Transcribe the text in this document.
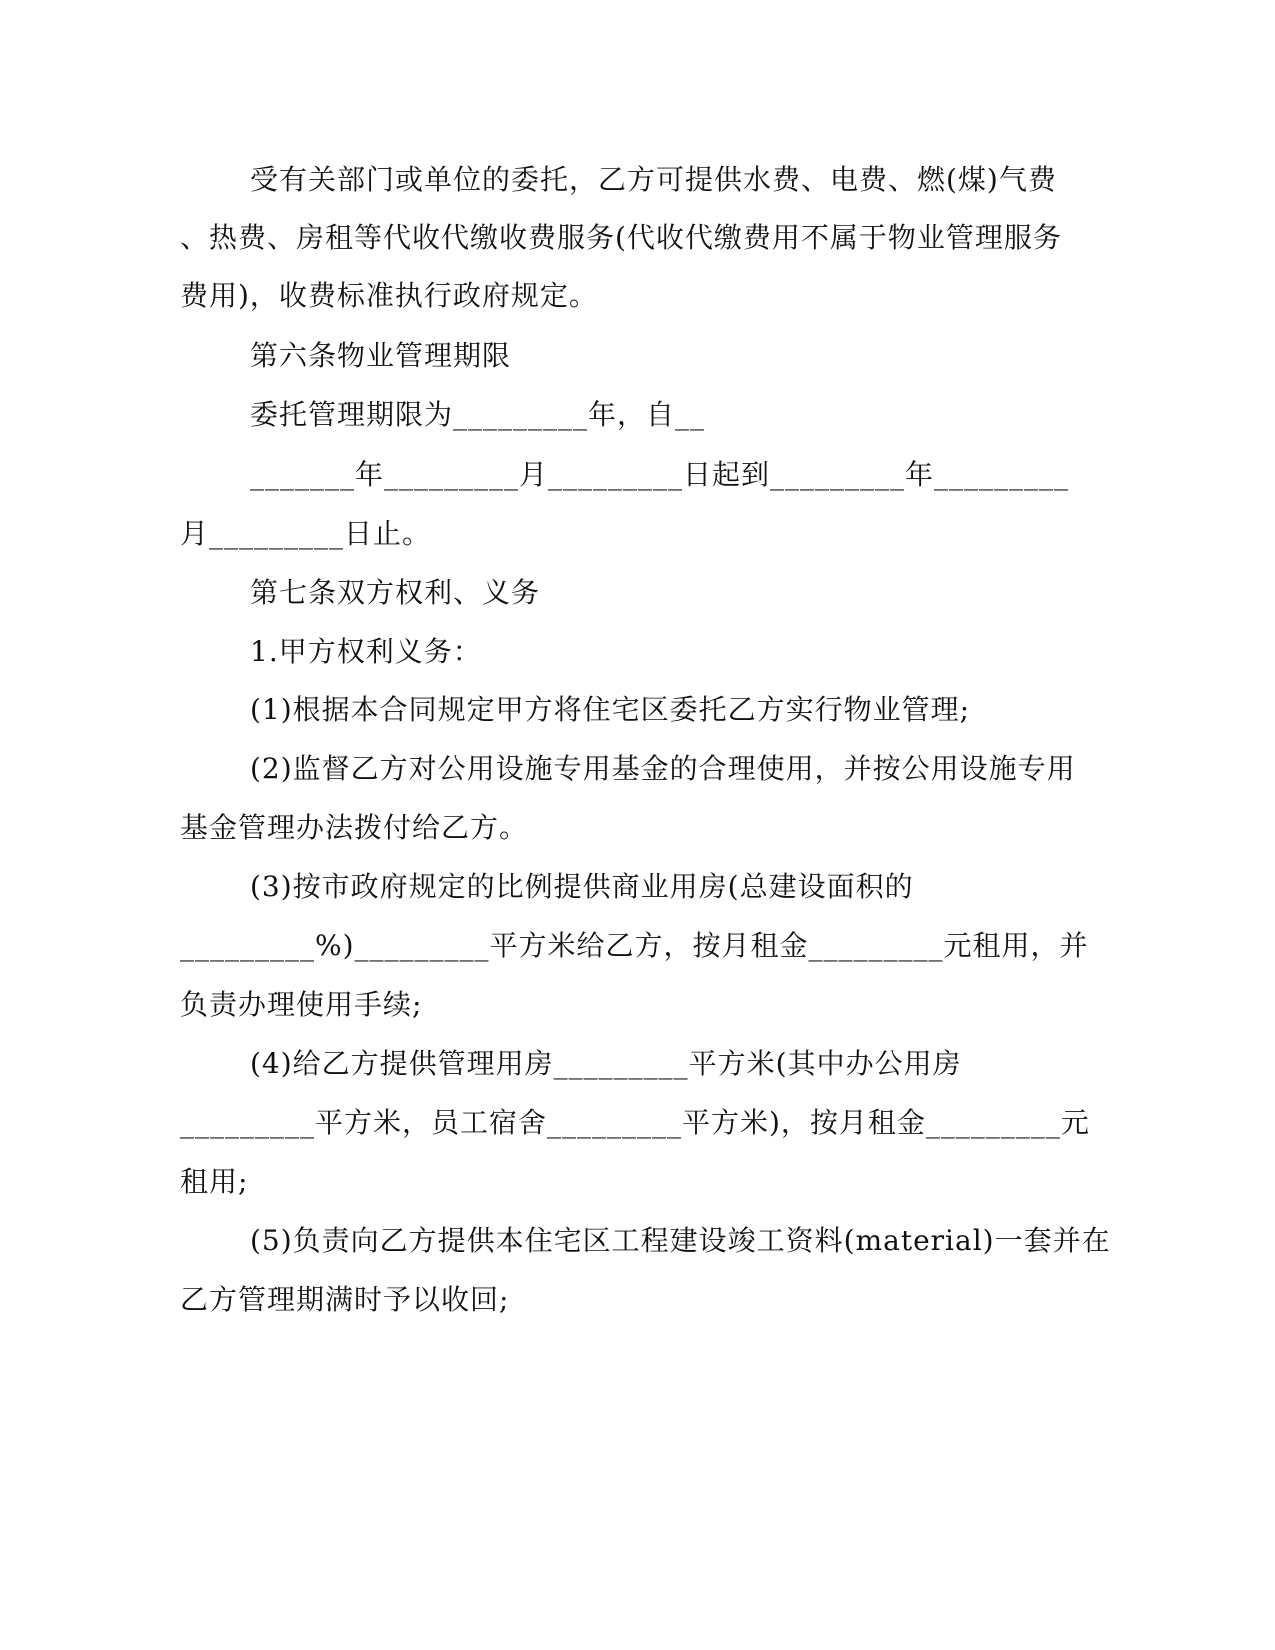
受有关部门或单位的委托，乙方可提供水费、电费、燃(煤)气费
、热费、房租等代收代缴收费服务(代收代缴费用不属于物业管理服务
费用)，收费标准执行政府规定。
第六条物业管理期限
委托管理期限为_________年，自__
_______年_________月_________日起到_________年_________
月_________日止。
第七条双方权利、义务
1.甲方权利义务：
(1)根据本合同规定甲方将住宅区委托乙方实行物业管理;
(2)监督乙方对公用设施专用基金的合理使用，并按公用设施专用
基金管理办法拨付给乙方。
(3)按市政府规定的比例提供商业用房(总建设面积的
_________%)_________平方米给乙方，按月租金_________元租用，并
负责办理使用手续;
(4)给乙方提供管理用房_________平方米(其中办公用房
_________平方米，员工宿舍_________平方米)，按月租金_________元
租用;
(5)负责向乙方提供本住宅区工程建设竣工资料(material)一套并在
乙方管理期满时予以收回;
